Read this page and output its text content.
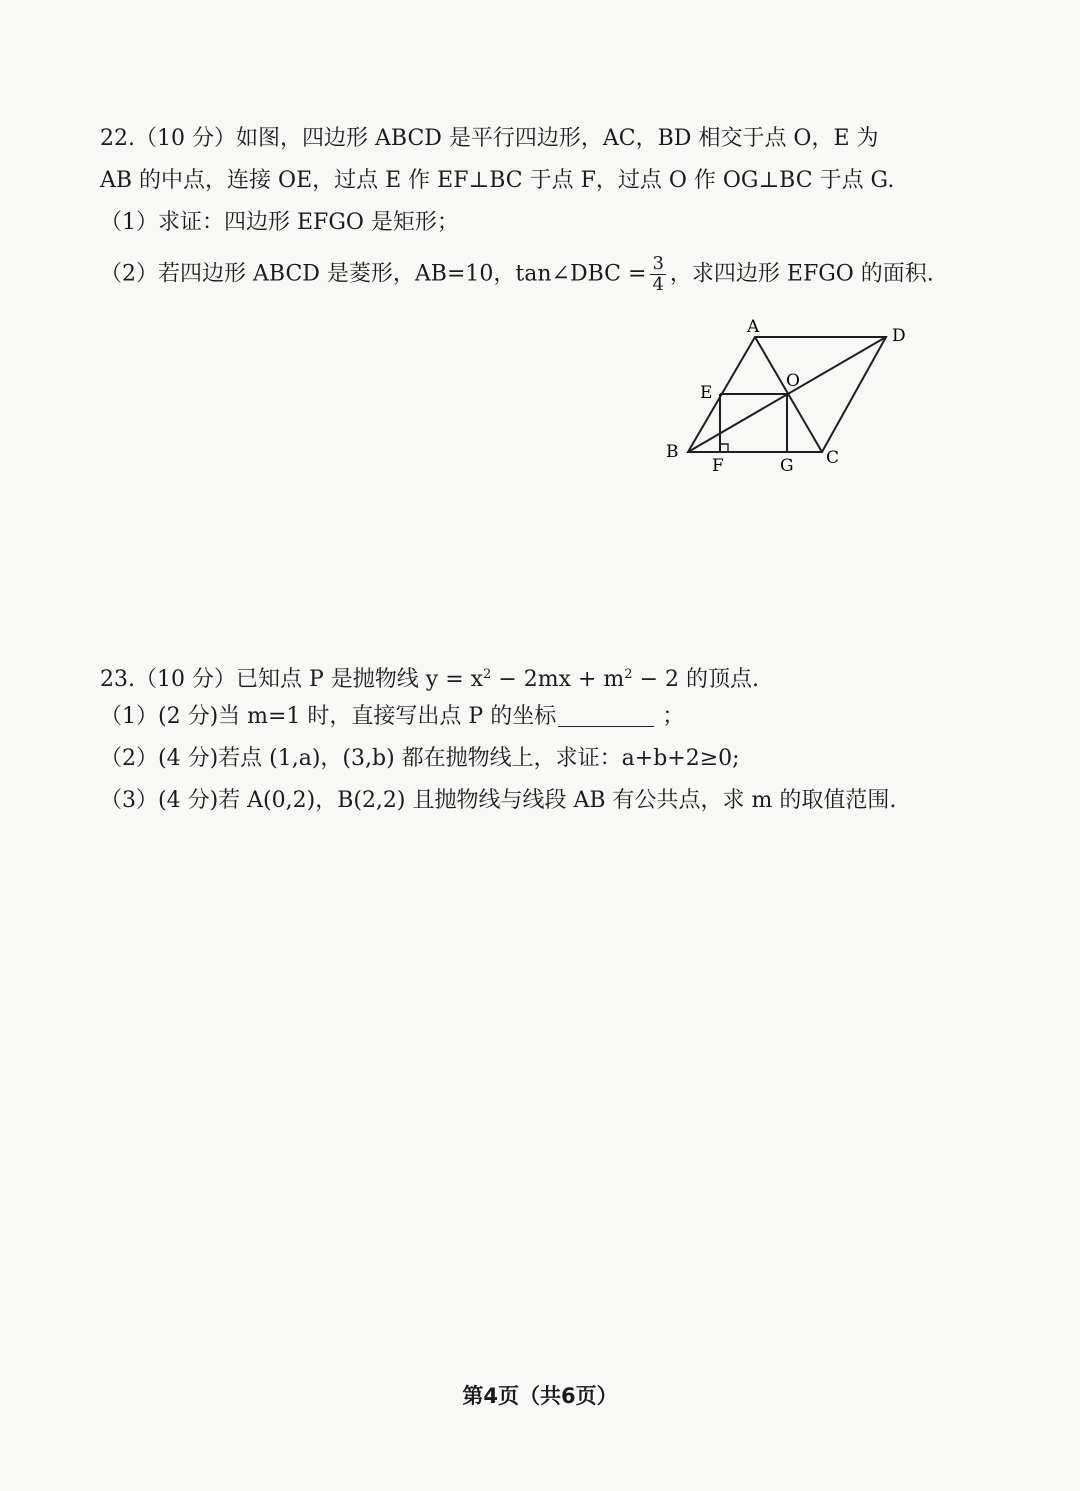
22.（10 分）如图，四边形 ABCD 是平行四边形，AC，BD 相交于点 O，E 为
AB 的中点，连接 OE，过点 E 作 EF⊥BC 于点 F，过点 O 作 OG⊥BC 于点 G.
（1）求证：四边形 EFGO 是矩形；
（2）若四边形 ABCD 是菱形，AB=10，tan∠DBC = $\frac{3}{4}$ ，求四边形 EFGO 的面积.
A	D
O
E
B
F	G C
23.（10 分）已知点 P 是抛物线 $y = x^2 - 2mx + m^2 - 2$ 的顶点.
（1）(2 分)当 m=1 时，直接写出点 P 的坐标	；
（2）(4 分)若点 (1,a)，(3,b) 都在抛物线上，求证：a+b+2≥0;
（3）(4 分)若 A(0,2)，B(2,2) 且抛物线与线段 AB 有公共点，求 m 的取值范围.
第4页（共6页）
